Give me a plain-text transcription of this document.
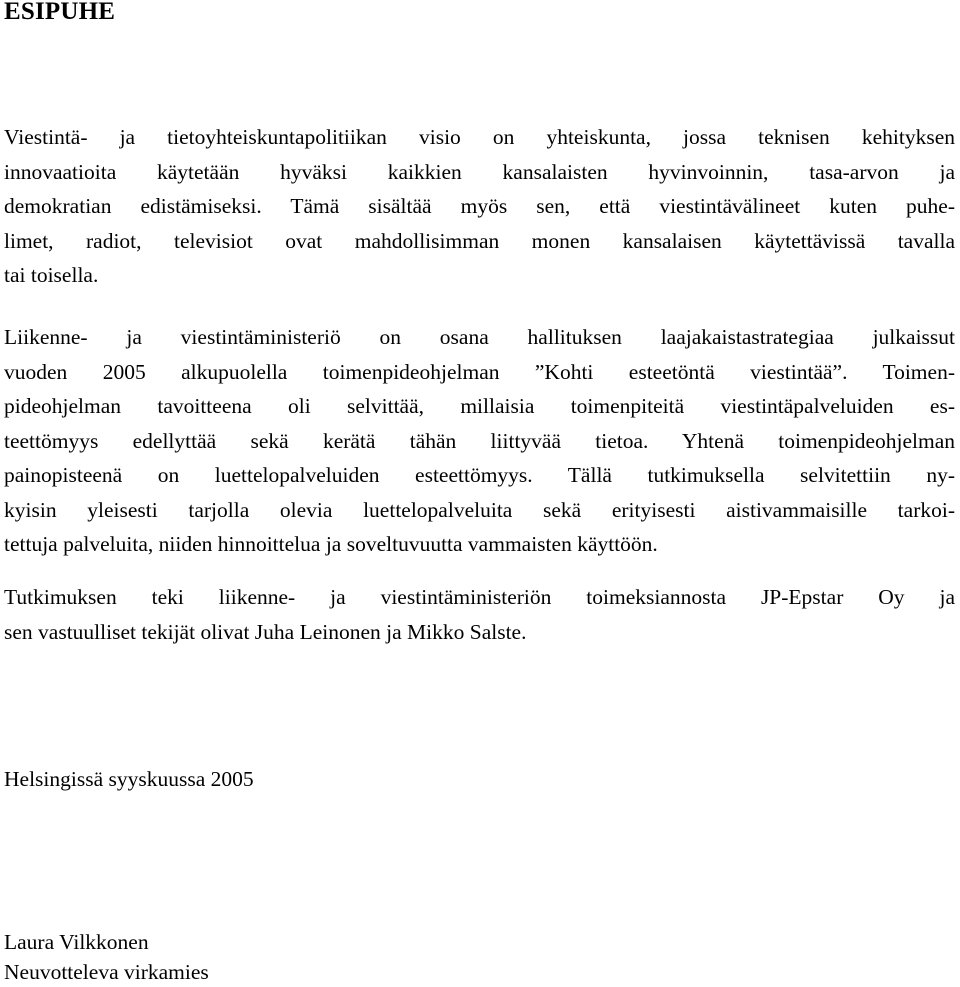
ESIPUHE

Viestintä- ja tietoyhteiskuntapolitiikan visio on yhteiskunta, jossa teknisen kehityksen
innovaatioita käytetään hyväksi kaikkien kansalaisten hyvinvoinnin, tasa-arvon ja
demokratian edistämiseksi. Tämä sisältää myös sen, että viestintävälineet kuten puhe-
limet, radiot, televisiot ovat mahdollisimman monen kansalaisen käytettävissä tavalla
tai toisella.

Liikenne- ja viestintäministeriö on osana hallituksen laajakaistastrategiaa julkaissut
vuoden 2005 alkupuolella toimenpideohjelman ”Kohti esteetöntä viestintää”. Toimen-
pideohjelman tavoitteena oli selvittää, millaisia toimenpiteitä viestintäpalveluiden es-
teettömyys edellyttää sekä kerätä tähän liittyvää tietoa. Yhtenä toimenpideohjelman
painopisteenä on luettelopalveluiden esteettömyys. Tällä tutkimuksella selvitettiin ny-
kyisin yleisesti tarjolla olevia luettelopalveluita sekä erityisesti aistivammaisille tarkoi-
tettuja palveluita, niiden hinnoittelua ja soveltuvuutta vammaisten käyttöön.

Tutkimuksen teki liikenne- ja viestintäministeriön toimeksiannosta JP-Epstar Oy ja
sen vastuulliset tekijät olivat Juha Leinonen ja Mikko Salste.

Helsingissä syyskuussa 2005

Laura Vilkkonen

Neuvotteleva virkamies
